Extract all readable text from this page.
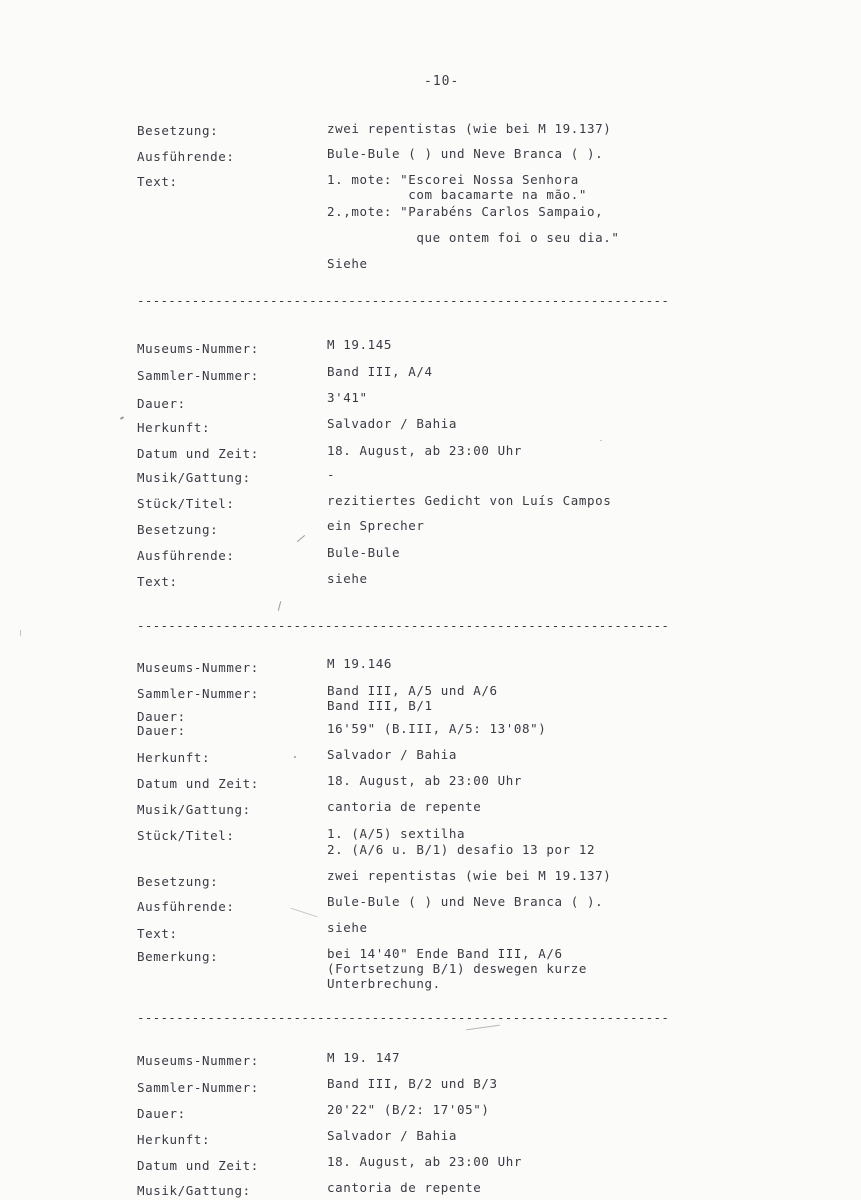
-10-
Besetzung:	zwei repentistas (wie bei M 19.137)
Ausführende:	Bule-Bule ( ) und Neve Branca ( ).
Text:	1. mote: "Escorei Nossa Senhora
com bacamarte na mão."
2.,mote: "Parabéns Carlos Sampaio,
que ontem foi o seu dia."
Siehe
--------------------------------------------------------------------
Museums-Nummer:	M 19.145
Sammler-Nummer:	Band III, A/4
Dauer:	3'41"
Herkunft:	Salvador / Bahia
Datum und Zeit:	18. August, ab 23:00 Uhr
Musik/Gattung:	-
Stück/Titel:	rezitiertes Gedicht von Luís Campos
Besetzung:	ein Sprecher
Ausführende:	Bule-Bule
Text:	siehe
--------------------------------------------------------------------
Museums-Nummer:	M 19.146
Sammler-Nummer:	Band III, A/5 und A/6
Band III, B/1
Dauer:
Dauer:	16'59" (B.III, A/5: 13'08")
Herkunft:	Salvador / Bahia
Datum und Zeit:	18. August, ab 23:00 Uhr
Musik/Gattung:	cantoria de repente
Stück/Titel:	1. (A/5) sextilha
2. (A/6 u. B/1) desafio 13 por 12
Besetzung:	zwei repentistas (wie bei M 19.137)
Ausführende:	Bule-Bule ( ) und Neve Branca ( ).
Text:	siehe
Bemerkung:	bei 14'40" Ende Band III, A/6
(Fortsetzung B/1) deswegen kurze
Unterbrechung.
--------------------------------------------------------------------
Museums-Nummer:	M 19. 147
Sammler-Nummer:	Band III, B/2 und B/3
Dauer:	20'22" (B/2: 17'05")
Herkunft:	Salvador / Bahia
Datum und Zeit:	18. August, ab 23:00 Uhr
Musik/Gattung:	cantoria de repente
